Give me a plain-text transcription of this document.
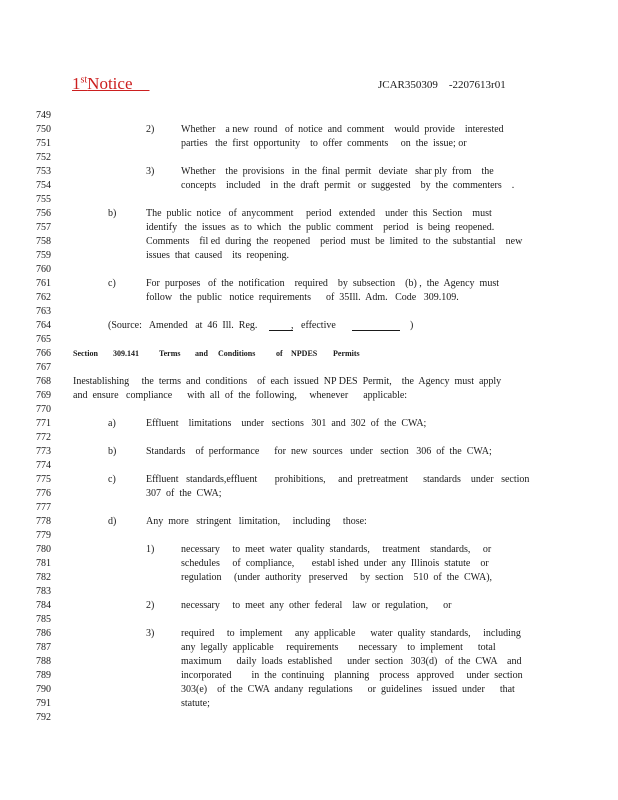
1stNotice	JCAR350309    -2207613r01
749
750
751
752
753
754
755
756
757
758
759
760
761
762
763
764
765
766
767
768
769
770
771
772
773
774
775
776
777
778
779
780
781
782
783
784
785
786
787
788
789
790
791
792
2)	Whether    a new  round   of  notice  and  comment    would  provide    interested
parties   the  first  opportunity    to  offer  comments     on  the  issue; or
3)	Whether    the  provisions   in  the  final  permit   deviate   shar ply  from    the
concepts    included    in  the  draft  permit   or  suggested    by  the  commenters    .
b)	The  public  notice   of  anycomment     period   extended    under  this  Section    must
identify   the  issues  as  to  which   the  public  comment    period   is  being  reopened.
Comments    fil ed  during  the  reopened    period  must  be  limited  to  the  substantial    new
issues  that  caused    its  reopening.
c)	For  purposes   of  the  notification    required    by  subsection    (b) ,  the  Agency  must
follow   the  public   notice  requirements      of  35Ill.  Adm.   Code   309.109.
(Source:   Amended   at  46  Ill.  Reg.	,   effective	)
Section 309.141	Terms and Conditions	of NPDES Permits
Inestablishing     the  terms  and  conditions    of  each  issued  NP DES  Permit,    the  Agency  must  apply
and  ensure   compliance      with  all  of  the  following,     whenever      applicable:
a)	Effluent    limitations    under   sections   301  and  302  of  the  CWA;
b)	Standards    of  performance      for  new  sources   under   section   306  of  the  CWA;
c)	Effluent   standards,effluent       prohibitions,     and  pretreatment      standards    under   section
307  of  the  CWA;
d)	Any  more   stringent   limitation,     including     those:
1)	necessary     to  meet  water  quality  standards,     treatment    standards,     or
schedules     of  compliance,       establ ished  under  any  Illinois  statute    or
regulation     (under  authority   preserved     by  section    510  of  the  CWA),
2)	necessary     to  meet  any  other  federal    law  or  regulation,      or
3)	required     to  implement     any  applicable      water  quality  standards,     including
any  legally  applicable     requirements        necessary    to  implement      total
maximum      daily  loads  established      under  section   303(d)   of  the  CWA    and
incorporated        in  the  continuing    planning    process   approved     under  section
303(e)    of  the  CWA  andany  regulations      or  guidelines    issued  under      that
statute;
